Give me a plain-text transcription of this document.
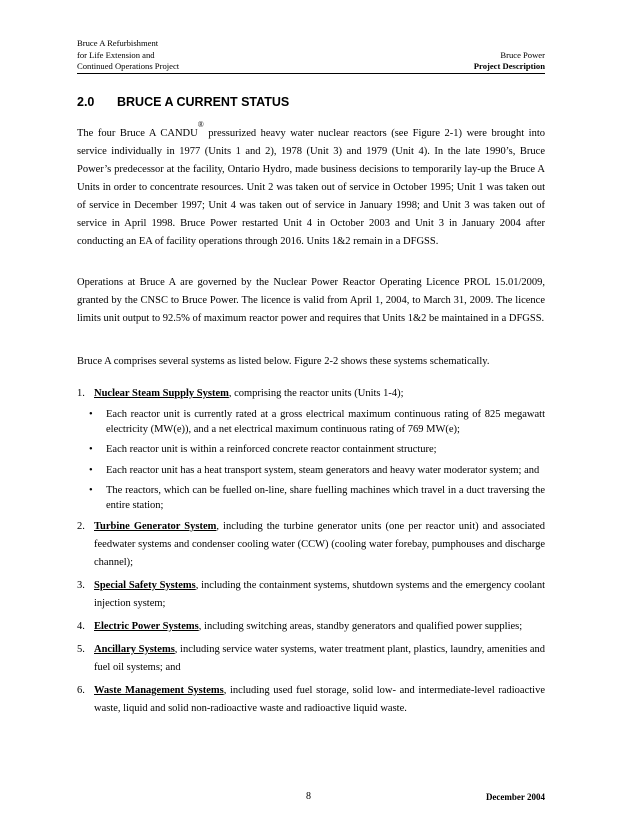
Bruce A Refurbishment
for Life Extension and
Continued Operations Project
Bruce Power
Project Description
2.0 BRUCE A CURRENT STATUS
The four Bruce A CANDU® pressurized heavy water nuclear reactors (see Figure 2-1) were brought into service individually in 1977 (Units 1 and 2), 1978 (Unit 3) and 1979 (Unit 4). In the late 1990’s, Bruce Power’s predecessor at the facility, Ontario Hydro, made business decisions to temporarily lay-up the Bruce A Units in order to concentrate resources. Unit 2 was taken out of service in October 1995; Unit 1 was taken out of service in December 1997; Unit 4 was taken out of service in January 1998; and Unit 3 was taken out of service in April 1998. Bruce Power restarted Unit 4 in October 2003 and Unit 3 in January 2004 after conducting an EA of facility operations through 2016. Units 1&2 remain in a DFGSS.
Operations at Bruce A are governed by the Nuclear Power Reactor Operating Licence PROL 15.01/2009, granted by the CNSC to Bruce Power. The licence is valid from April 1, 2004, to March 31, 2009. The licence limits unit output to 92.5% of maximum reactor power and requires that Units 1&2 be maintained in a DFGSS.
Bruce A comprises several systems as listed below. Figure 2-2 shows these systems schematically.
1. Nuclear Steam Supply System, comprising the reactor units (Units 1-4);
• Each reactor unit is currently rated at a gross electrical maximum continuous rating of 825 megawatt electricity (MW(e)), and a net electrical maximum continuous rating of 769 MW(e);
• Each reactor unit is within a reinforced concrete reactor containment structure;
• Each reactor unit has a heat transport system, steam generators and heavy water moderator system; and
• The reactors, which can be fuelled on-line, share fuelling machines which travel in a duct traversing the entire station;
2. Turbine Generator System, including the turbine generator units (one per reactor unit) and associated feedwater systems and condenser cooling water (CCW) (cooling water forebay, pumphouses and discharge channel);
3. Special Safety Systems, including the containment systems, shutdown systems and the emergency coolant injection system;
4. Electric Power Systems, including switching areas, standby generators and qualified power supplies;
5. Ancillary Systems, including service water systems, water treatment plant, plastics, laundry, amenities and fuel oil systems; and
6. Waste Management Systems, including used fuel storage, solid low- and intermediate-level radioactive waste, liquid and solid non-radioactive waste and radioactive liquid waste.
8	December 2004
